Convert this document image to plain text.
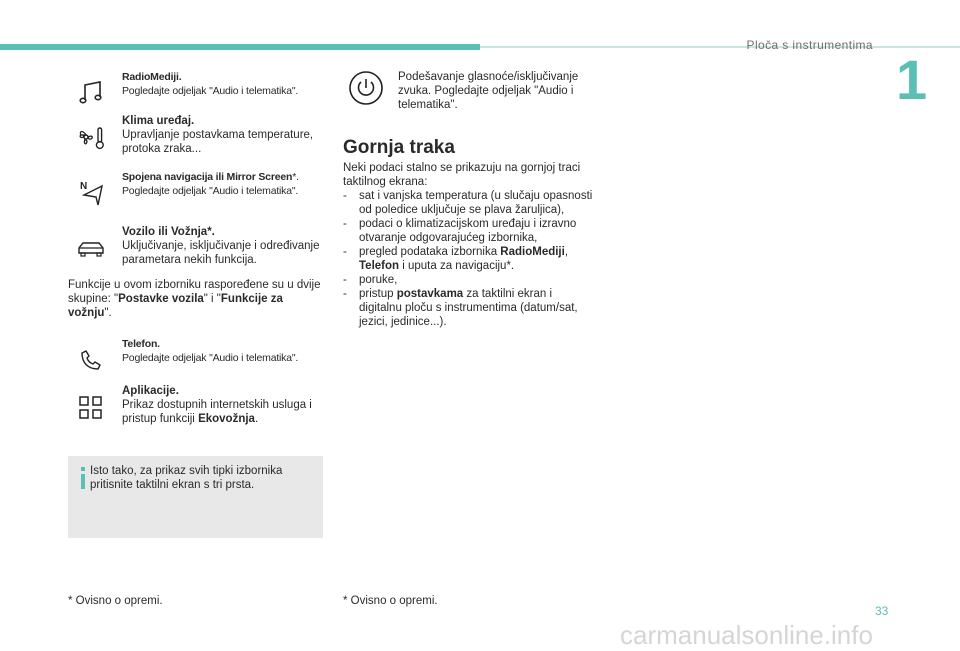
Ploča s instrumentima
1
RadioMediji.
Pogledajte odjeljak "Audio i telematika".
Klima uređaj.
Upravljanje postavkama temperature, protoka zraka...
N
Spojena navigacija ili Mirror Screen*.
Pogledajte odjeljak "Audio i telematika".
Vozilo ili Vožnja*.
Uključivanje, isključivanje i određivanje parametara nekih funkcija.
Funkcije u ovom izborniku raspoređene su u dvije skupine: "Postavke vozila" i "Funkcije za vožnju".
Telefon.
Pogledajte odjeljak "Audio i telematika".
Aplikacije.
Prikaz dostupnih internetskih usluga i pristup funkciji Ekovožnja.
Isto tako, za prikaz svih tipki izbornika pritisnite taktilni ekran s tri prsta.
* Ovisno o opremi.
Podešavanje glasnoće/isključivanje zvuka. Pogledajte odjeljak "Audio i telematika".
Gornja traka
Neki podaci stalno se prikazuju na gornjoj traci taktilnog ekrana:
- sat i vanjska temperatura (u slučaju opasnosti od poledice uključuje se plava žaruljica),
- podaci o klimatizacijskom uređaju i izravno otvaranje odgovarajućeg izbornika,
- pregled podataka izbornika RadioMediji, Telefon i uputa za navigaciju*.
- poruke,
- pristup postavkama za taktilni ekran i digitalnu ploču s instrumentima (datum/sat, jezici, jedinice...).
* Ovisno o opremi.
33
carmanualsonline.info
